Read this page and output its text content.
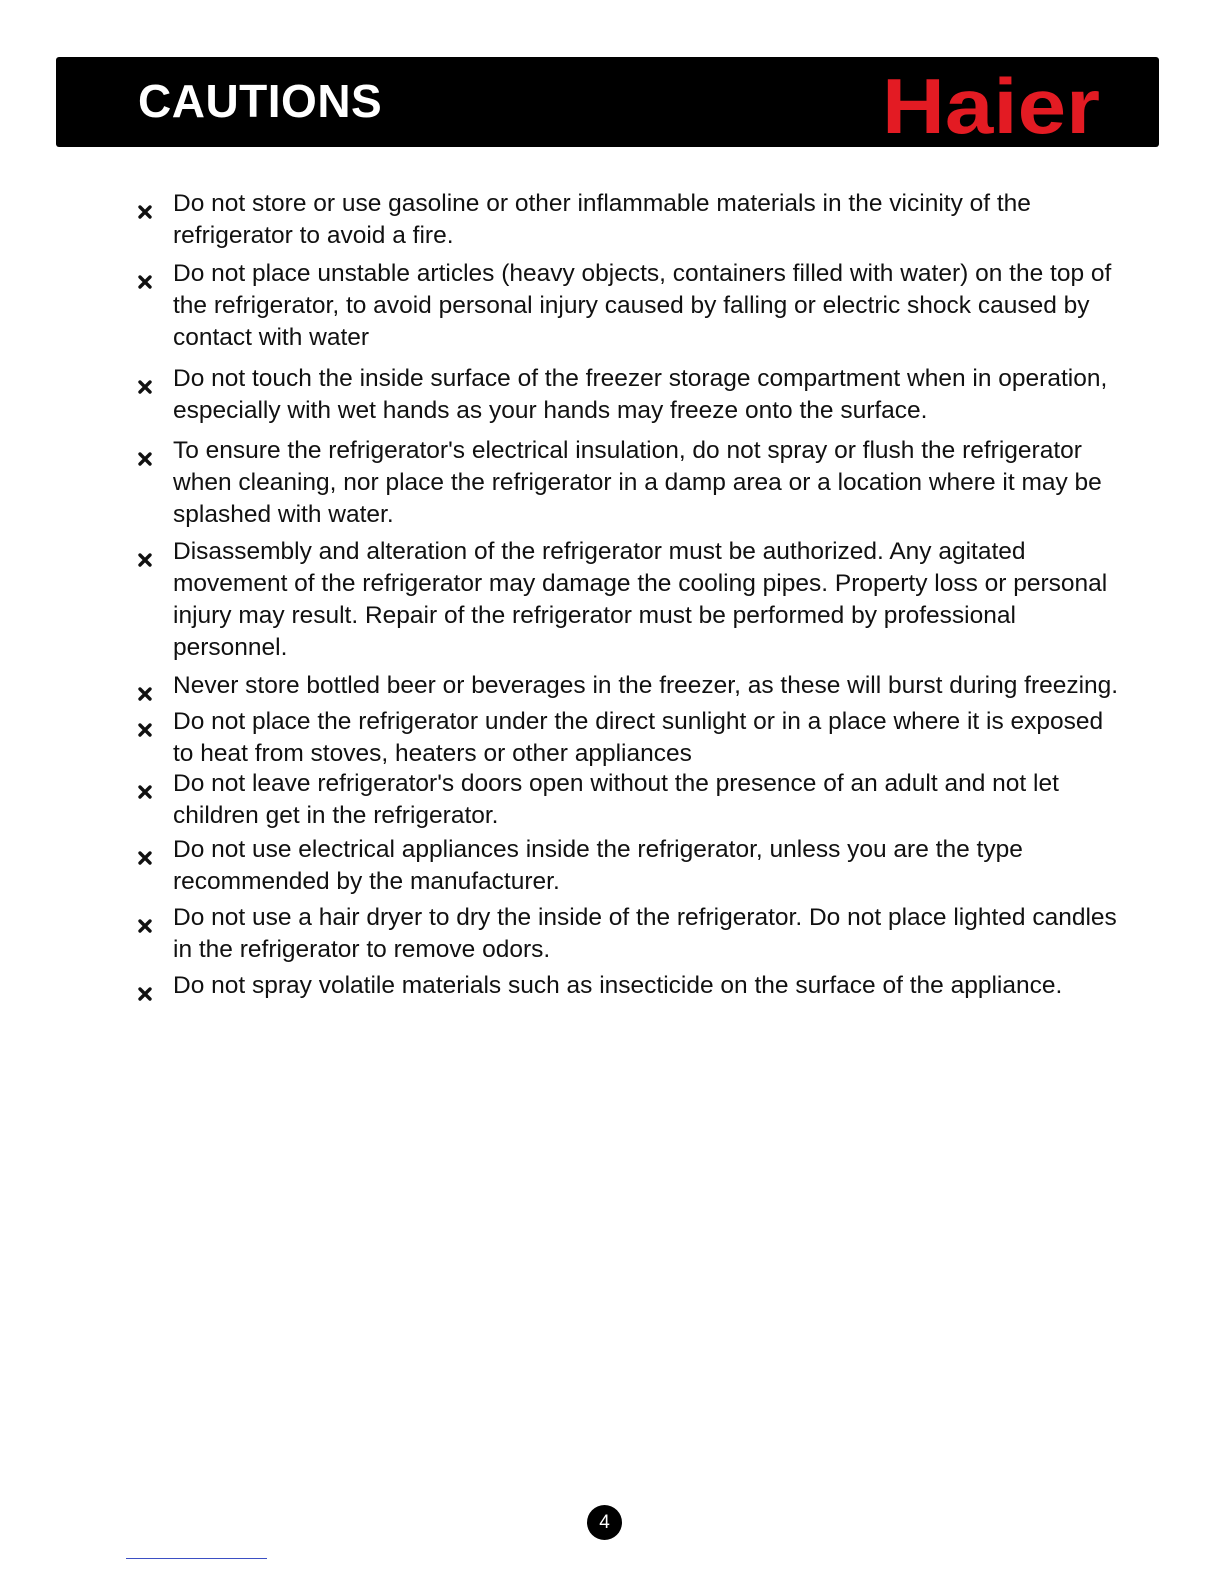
CAUTIONS	Haier
Do not store or use gasoline or other inflammable materials in the vicinity of the refrigerator to avoid a fire.
Do not place unstable articles (heavy objects, containers filled with water) on the top of the refrigerator, to avoid personal injury caused by falling or electric shock caused by contact with water
Do not touch the inside surface of the freezer storage compartment when in operation, especially with wet hands as your hands may freeze onto the surface.
To ensure the refrigerator's electrical insulation, do not spray or flush the refrigerator when cleaning, nor place the refrigerator in a damp area or a location where it may be splashed with water.
Disassembly and alteration of the refrigerator must be authorized. Any agitated movement of the refrigerator may damage the cooling pipes. Property loss or personal injury may result. Repair of the refrigerator must be performed by professional personnel.
Never store bottled beer or beverages in the freezer, as these will burst during freezing.
Do not place the refrigerator under the direct sunlight or in a place where it is exposed to heat from stoves, heaters or other appliances
Do not leave refrigerator's doors open without the presence of an adult and not let children get in the refrigerator.
Do not use electrical appliances inside the refrigerator, unless you are the type recommended by the manufacturer.
Do not use a hair dryer to dry the inside of the refrigerator. Do not place lighted candles in the refrigerator to remove odors.
Do not spray volatile materials such as insecticide on the surface of the appliance.
4
